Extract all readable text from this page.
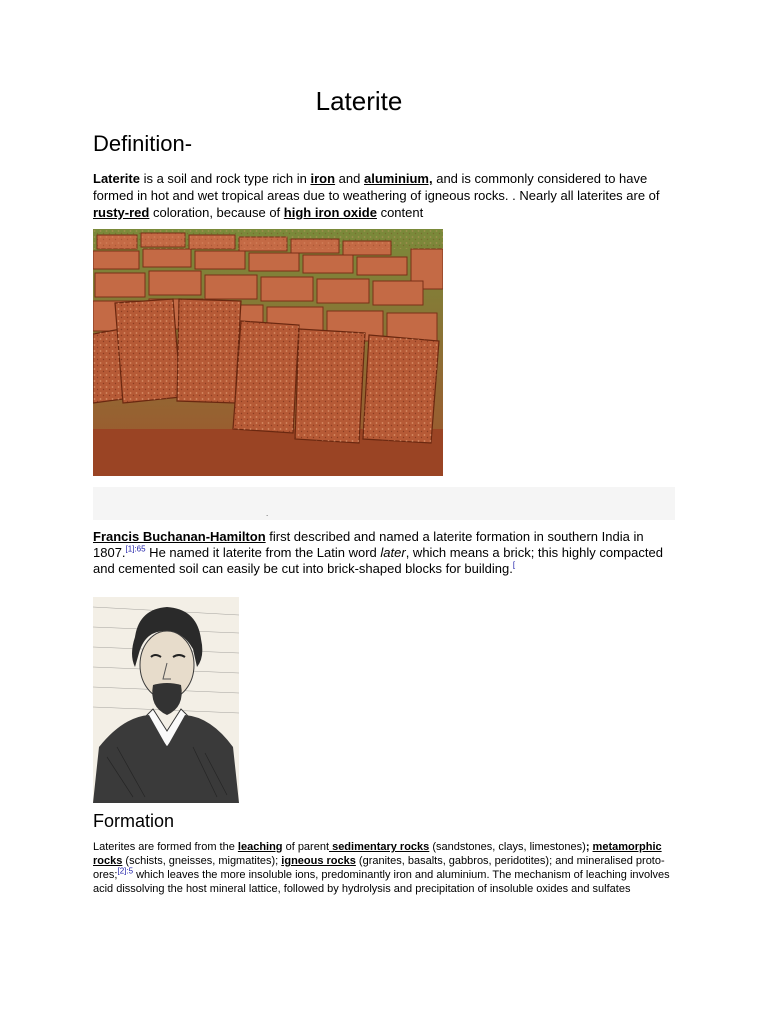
Laterite
Definition-
Laterite is a soil and rock type rich in iron and aluminium, and is commonly considered to have formed in hot and wet tropical areas due to weathering of igneous rocks. . Nearly all laterites are of rusty-red coloration, because of high iron oxide content
.
Francis Buchanan-Hamilton first described and named a laterite formation in southern India in 1807.$^{[1]:65}$ He named it laterite from the Latin word later, which means a brick; this highly compacted and cemented soil can easily be cut into brick-shaped blocks for building.[
Formation
Laterites are formed from the leaching of parent sedimentary rocks (sandstones, clays, limestones); metamorphic rocks (schists, gneisses, migmatites); igneous rocks (granites, basalts, gabbros, peridotites); and mineralised proto-ores;$^{[2]:5}$ which leaves the more insoluble ions, predominantly iron and aluminium. The mechanism of leaching involves acid dissolving the host mineral lattice, followed by hydrolysis and precipitation of insoluble oxides and sulfates
